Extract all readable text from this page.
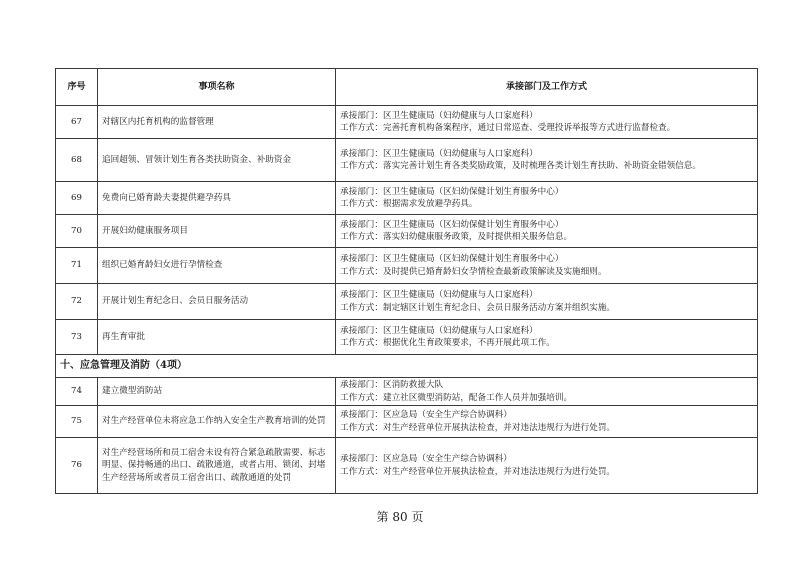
序号	事项名称	承接部门及工作方式
67	对辖区内托育机构的监督管理	承接部门：区卫生健康局（妇幼健康与人口家庭科）
工作方式：完善托育机构备案程序，通过日常巡查、受理投诉举报等方式进行监督检查。

68	追回超领、冒领计划生育各类扶助资金、补助资金	承接部门：区卫生健康局（妇幼健康与人口家庭科）
工作方式：落实完善计划生育各类奖励政策，及时梳理各类计划生育扶助、补助资金错领信息。
69	免费向已婚育龄夫妻提供避孕药具	承接部门：区卫生健康局（区妇幼保健计划生育服务中心）
工作方式：根据需求发放避孕药具。

70	开展妇幼健康服务项目	承接部门：区卫生健康局（区妇幼保健计划生育服务中心）
工作方式：落实妇幼健康服务政策，及时提供相关服务信息。

71	组织已婚育龄妇女进行孕情检查	承接部门：区卫生健康局（区妇幼保健计划生育服务中心）
工作方式：及时提供已婚育龄妇女孕情检查最新政策解读及实施细则。

72	开展计划生育纪念日、会员日服务活动	承接部门：区卫生健康局（妇幼健康与人口家庭科）
工作方式：制定辖区计划生育纪念日、会员日服务活动方案并组织实施。

73	再生育审批	承接部门：区卫生健康局（妇幼健康与人口家庭科）
工作方式：根据优化生育政策要求，不再开展此项工作。

十、应急管理及消防（4项）		
74	建立微型消防站	承接部门：区消防救援大队
工作方式：建立社区微型消防站，配备工作人员并加强培训。

75	对生产经营单位未将应急工作纳入安全生产教育培训的处罚	承接部门：区应急局（安全生产综合协调科）
工作方式：对生产经营单位开展执法检查，并对违法违规行为进行处罚。

76	对生产经营场所和员工宿舍未设有符合紧急疏散需要、标志明显、保持畅通的出口、疏散通道，或者占用、锁闭、封堵生产经营场所或者员工宿舍出口、疏散通道的处罚	承接部门：区应急局（安全生产综合协调科）
工作方式：对生产经营单位开展执法检查，并对违法违规行为进行处罚。
第 80 页
